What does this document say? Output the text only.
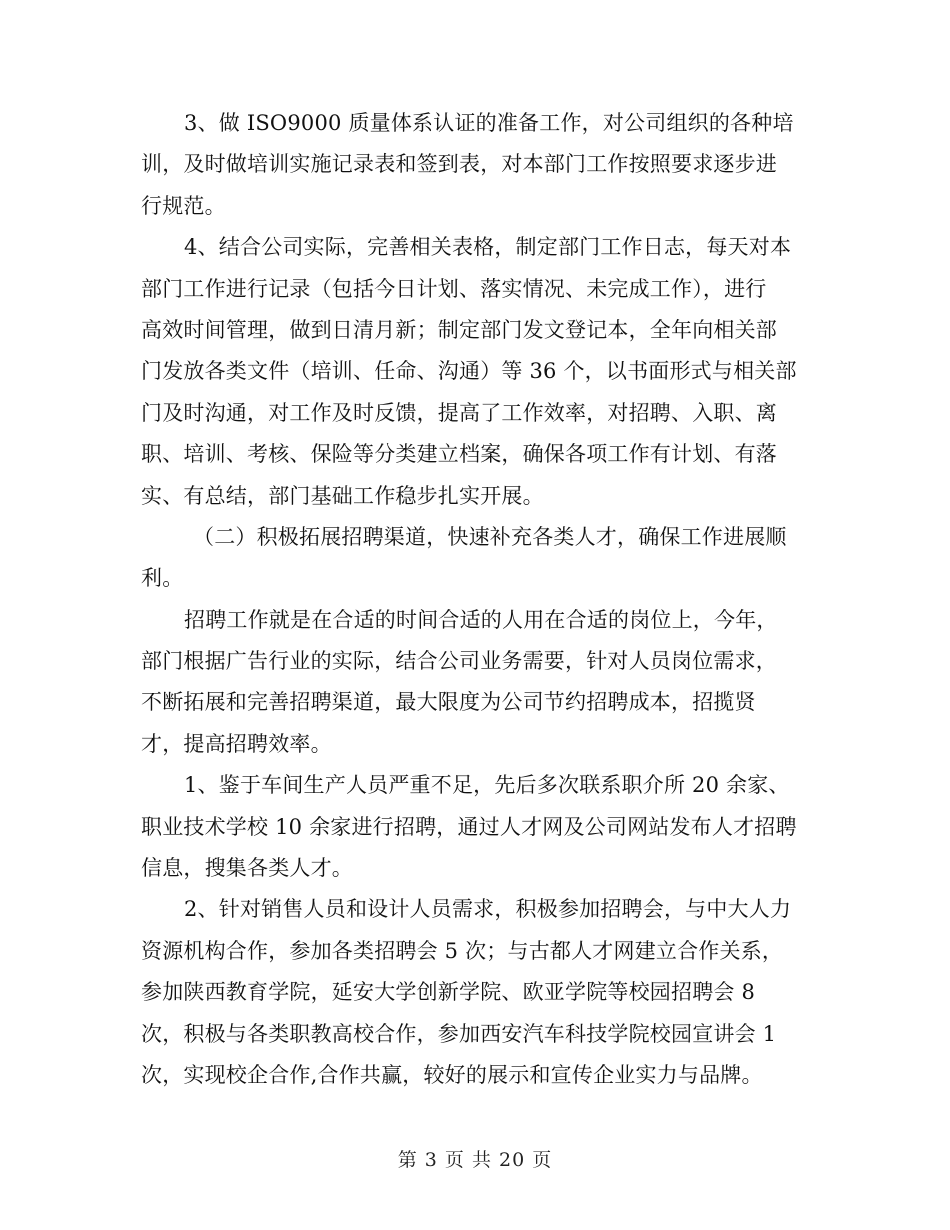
3、做 ISO9000 质量体系认证的准备工作，对公司组织的各种培
训，及时做培训实施记录表和签到表，对本部门工作按照要求逐步进
行规范。
4、结合公司实际，完善相关表格，制定部门工作日志，每天对本
部门工作进行记录（包括今日计划、落实情况、未完成工作），进行
高效时间管理，做到日清月新；制定部门发文登记本，全年向相关部
门发放各类文件（培训、任命、沟通）等 36 个，以书面形式与相关部
门及时沟通，对工作及时反馈，提高了工作效率，对招聘、入职、离
职、培训、考核、保险等分类建立档案，确保各项工作有计划、有落
实、有总结，部门基础工作稳步扎实开展。
（二）积极拓展招聘渠道，快速补充各类人才，确保工作进展顺
利。
招聘工作就是在合适的时间合适的人用在合适的岗位上，今年，
部门根据广告行业的实际，结合公司业务需要，针对人员岗位需求，
不断拓展和完善招聘渠道，最大限度为公司节约招聘成本，招揽贤
才，提高招聘效率。
1、鉴于车间生产人员严重不足，先后多次联系职介所 20 余家、
职业技术学校 10 余家进行招聘，通过人才网及公司网站发布人才招聘
信息，搜集各类人才。
2、针对销售人员和设计人员需求，积极参加招聘会，与中大人力
资源机构合作，参加各类招聘会 5 次；与古都人才网建立合作关系，
参加陕西教育学院，延安大学创新学院、欧亚学院等校园招聘会 8
次，积极与各类职教高校合作，参加西安汽车科技学院校园宣讲会 1
次，实现校企合作,合作共赢，较好的展示和宣传企业实力与品牌。
第 3 页 共 20 页
